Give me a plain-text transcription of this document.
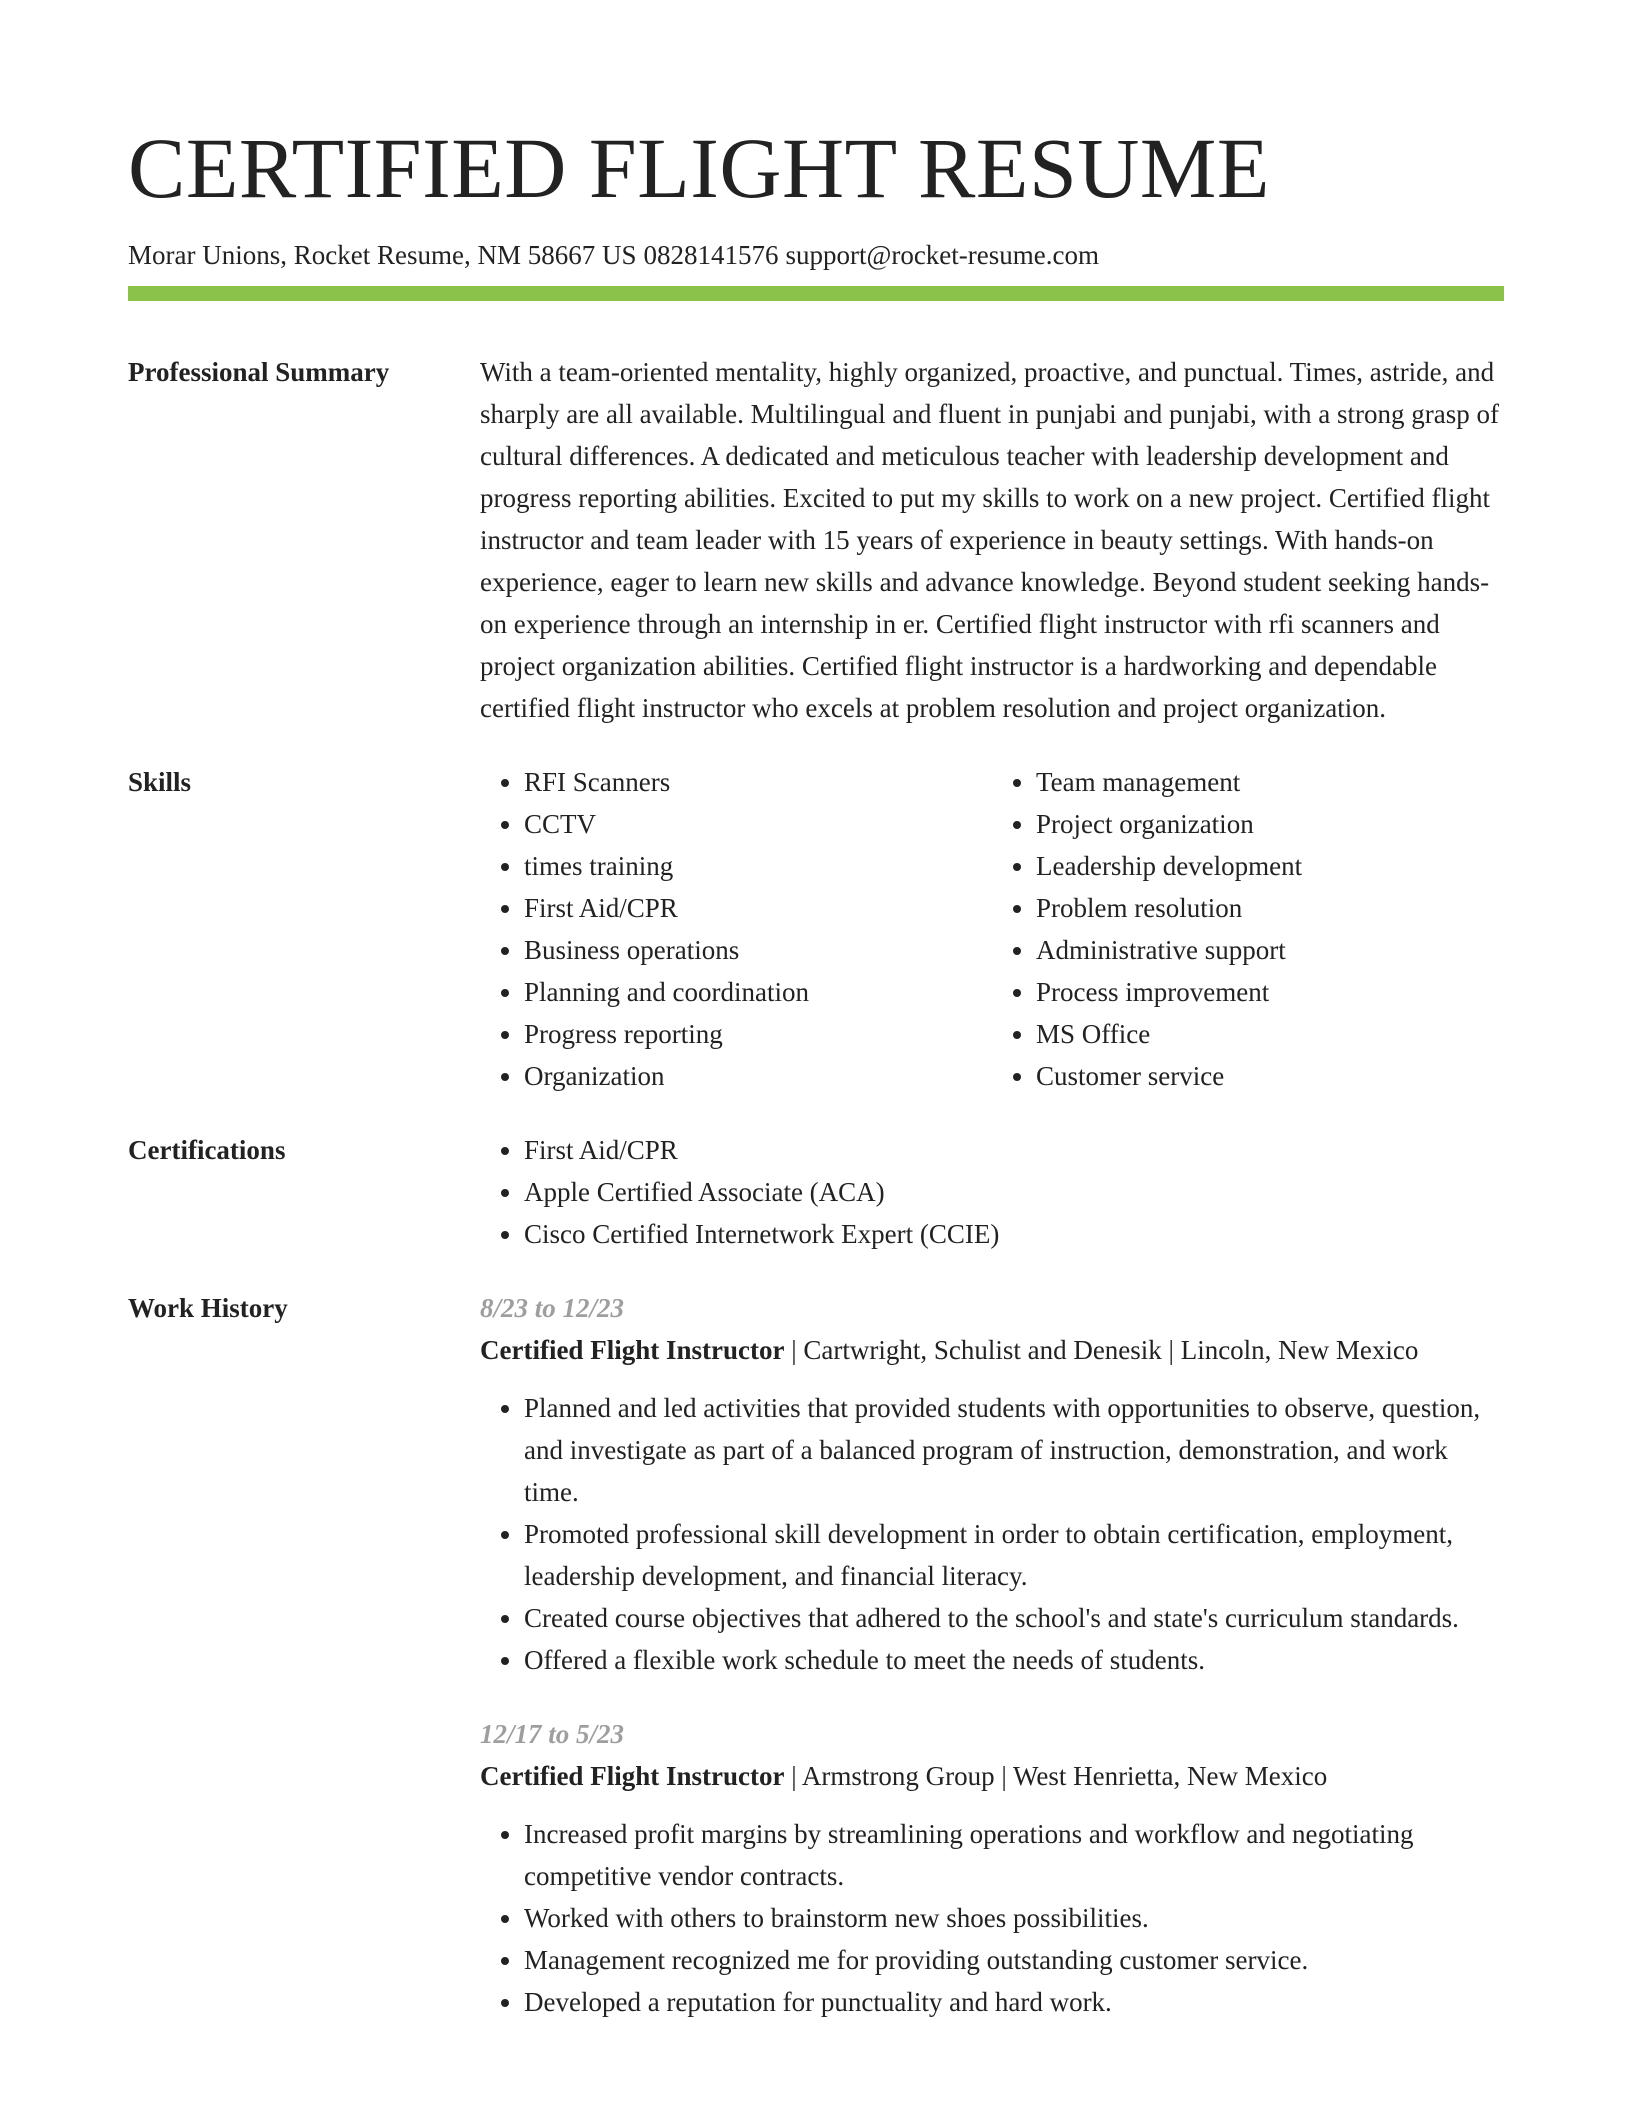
CERTIFIED FLIGHT RESUME
Morar Unions, Rocket Resume, NM 58667 US 0828141576 support@rocket-resume.com
Professional Summary	With a team-oriented mentality, highly organized, proactive, and punctual. Times, astride, and sharply are all available. Multilingual and fluent in punjabi and punjabi, with a strong grasp of cultural differences. A dedicated and meticulous teacher with leadership development and progress reporting abilities. Excited to put my skills to work on a new project. Certified flight instructor and team leader with 15 years of experience in beauty settings. With hands-on experience, eager to learn new skills and advance knowledge. Beyond student seeking hands-on experience through an internship in er. Certified flight instructor with rfi scanners and project organization abilities. Certified flight instructor is a hardworking and dependable certified flight instructor who excels at problem resolution and project organization.

Skills	• RFI Scanners
• CCTV
• times training
• First Aid/CPR
• Business operations
• Planning and coordination
• Progress reporting
• Organization
• Team management
• Project organization
• Leadership development
• Problem resolution
• Administrative support
• Process improvement
• MS Office
• Customer service
Certifications	• First Aid/CPR
• Apple Certified Associate (ACA)
• Cisco Certified Internetwork Expert (CCIE)
Work History	8/23 to 12/23
Certified Flight Instructor | Cartwright, Schulist and Denesik | Lincoln, New Mexico
• Planned and led activities that provided students with opportunities to observe, question, and investigate as part of a balanced program of instruction, demonstration, and work time.
• Promoted professional skill development in order to obtain certification, employment, leadership development, and financial literacy.
• Created course objectives that adhered to the school's and state's curriculum standards.
• Offered a flexible work schedule to meet the needs of students.
12/17 to 5/23
Certified Flight Instructor | Armstrong Group | West Henrietta, New Mexico
• Increased profit margins by streamlining operations and workflow and negotiating competitive vendor contracts.
• Worked with others to brainstorm new shoes possibilities.
• Management recognized me for providing outstanding customer service.
• Developed a reputation for punctuality and hard work.
